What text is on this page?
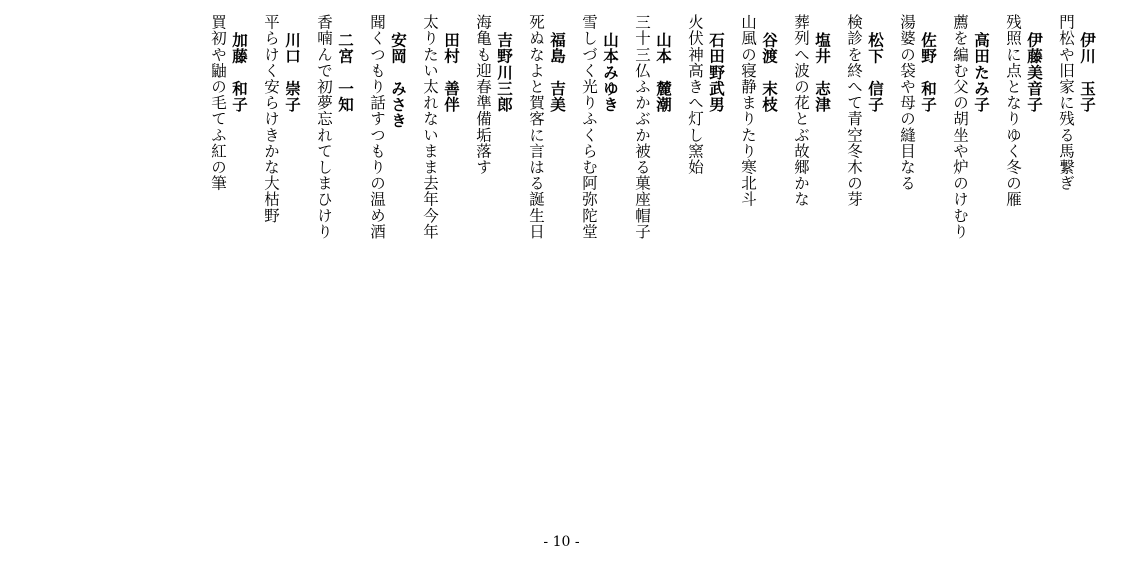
伊川　玉子
門松や旧家に残る馬繋ぎ
伊藤美音子
残照に点となりゆく冬の雁
高田たみ子
薦を編む父の胡坐や炉のけむり
佐野　和子
湯婆の袋や母の縫目なる
松下　信子
検診を終へて青空冬木の芽
塩井　志津
葬列へ波の花とぶ故郷かな
谷渡　末枝
山風の寝静まりたり寒北斗
石田野武男
火伏神高きへ灯し窯始
山本　麓潮
三十三仏ふかぶか被る菓座帽子
山本みゆき
雪しづく光りふくらむ阿弥陀堂
福島　吉美
死ぬなよと賀客に言はる誕生日
吉野川三郎
海亀も迎春準備垢落す
田村　善伴
太りたい太れないまま去年今年
安岡　みさき
聞くつもり話すつもりの温め酒
二宮　一知
香喃んで初夢忘れてしまひけり
川口　崇子
平らけく安らけきかな大枯野
加藤　和子
買初や鼬の毛てふ紅の筆
- 10 -
